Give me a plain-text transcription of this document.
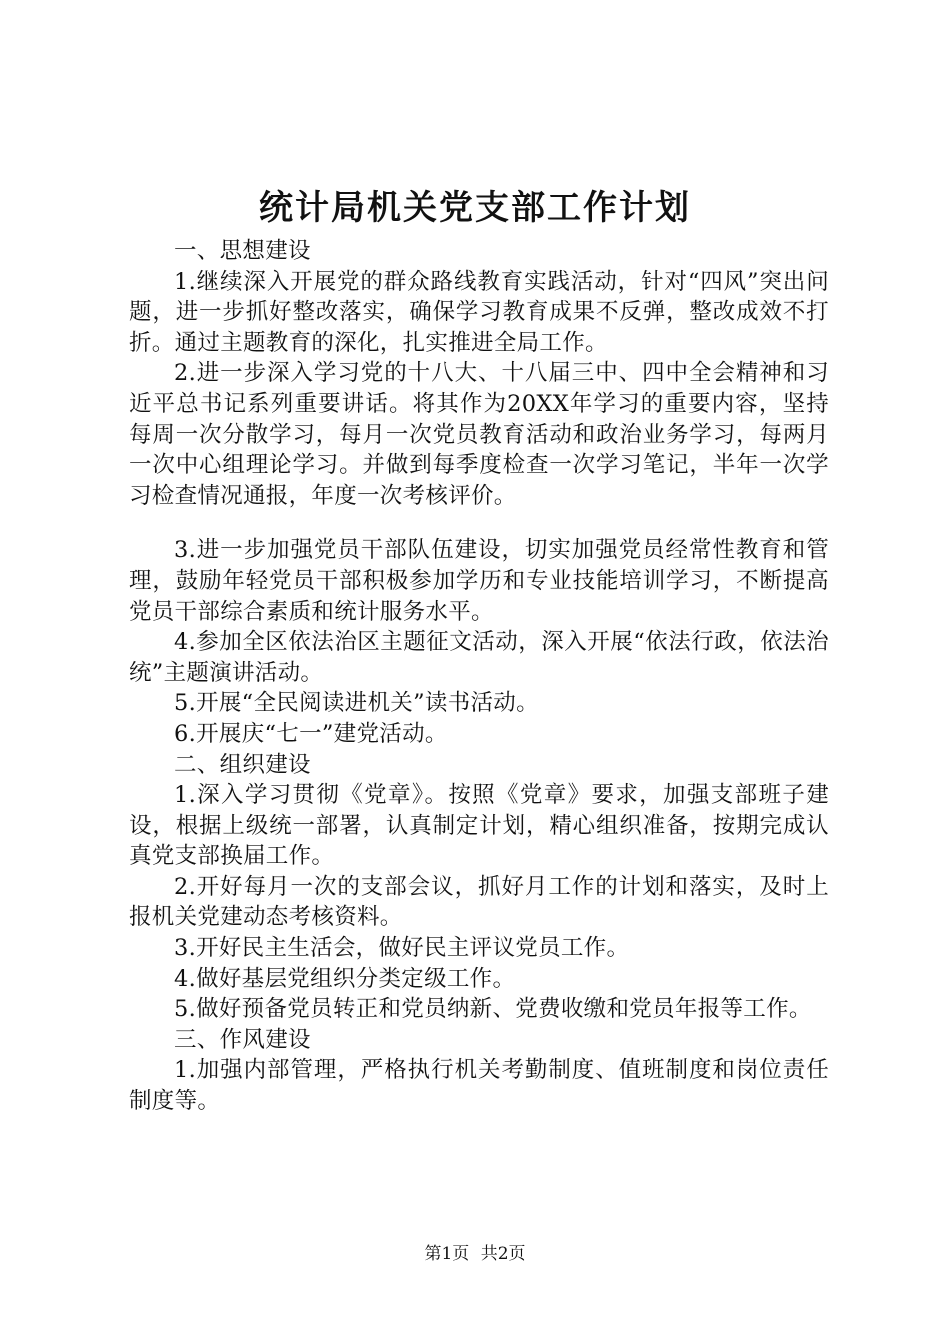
统计局机关党支部工作计划

一、思想建设

1.继续深入开展党的群众路线教育实践活动，针对“四风”突出问题，进一步抓好整改落实，确保学习教育成果不反弹，整改成效不打折。通过主题教育的深化，扎实推进全局工作。

2.进一步深入学习党的十八大、十八届三中、四中全会精神和习近平总书记系列重要讲话。将其作为20XX年学习的重要内容，坚持每周一次分散学习，每月一次党员教育活动和政治业务学习，每两月一次中心组理论学习。并做到每季度检查一次学习笔记，半年一次学习检查情况通报，年度一次考核评价。

3.进一步加强党员干部队伍建设，切实加强党员经常性教育和管理，鼓励年轻党员干部积极参加学历和专业技能培训学习，不断提高党员干部综合素质和统计服务水平。

4.参加全区依法治区主题征文活动，深入开展“依法行政，依法治统”主题演讲活动。

5.开展“全民阅读进机关”读书活动。

6.开展庆“七一”建党活动。

二、组织建设

1.深入学习贯彻《党章》。按照《党章》要求，加强支部班子建设，根据上级统一部署，认真制定计划，精心组织准备，按期完成认真党支部换届工作。

2.开好每月一次的支部会议，抓好月工作的计划和落实，及时上报机关党建动态考核资料。

3.开好民主生活会，做好民主评议党员工作。

4.做好基层党组织分类定级工作。

5.做好预备党员转正和党员纳新、党费收缴和党员年报等工作。

三、作风建设

1.加强内部管理，严格执行机关考勤制度、值班制度和岗位责任制度等。

第1页 共2页
